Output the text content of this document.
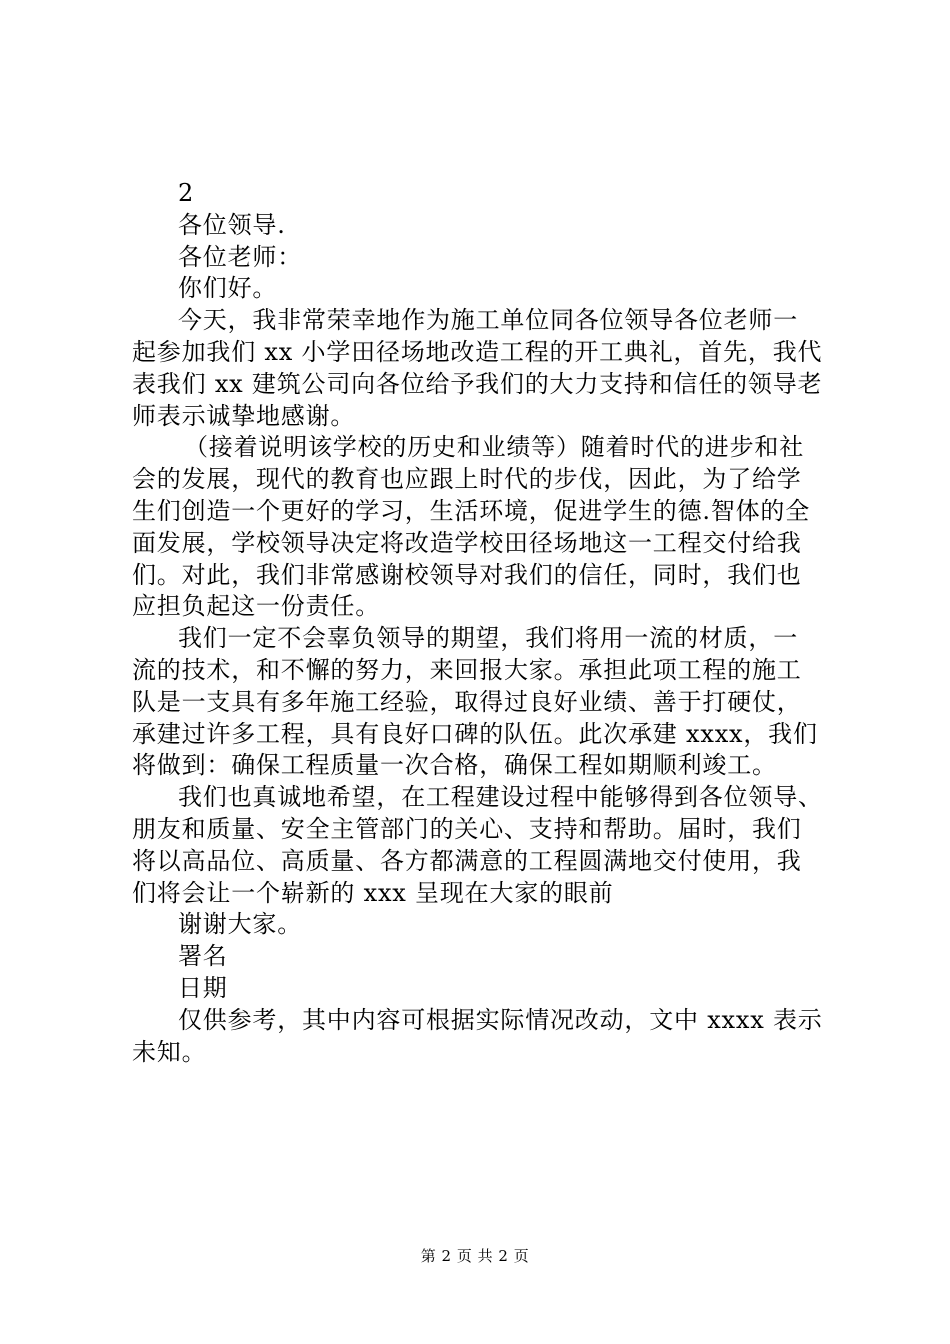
2
各位领导.
各位老师：
你们好。
今天，我非常荣幸地作为施工单位同各位领导各位老师一
起参加我们 xx 小学田径场地改造工程的开工典礼，首先，我代
表我们 xx 建筑公司向各位给予我们的大力支持和信任的领导老
师表示诚挚地感谢。
（接着说明该学校的历史和业绩等）随着时代的进步和社
会的发展，现代的教育也应跟上时代的步伐，因此，为了给学
生们创造一个更好的学习，生活环境，促进学生的德.智体的全
面发展，学校领导决定将改造学校田径场地这一工程交付给我
们。对此，我们非常感谢校领导对我们的信任，同时，我们也
应担负起这一份责任。
我们一定不会辜负领导的期望，我们将用一流的材质，一
流的技术，和不懈的努力，来回报大家。承担此项工程的施工
队是一支具有多年施工经验，取得过良好业绩、善于打硬仗，
承建过许多工程，具有良好口碑的队伍。此次承建 xxxx，我们
将做到：确保工程质量一次合格，确保工程如期顺利竣工。
我们也真诚地希望，在工程建设过程中能够得到各位领导、
朋友和质量、安全主管部门的关心、支持和帮助。届时，我们
将以高品位、高质量、各方都满意的工程圆满地交付使用，我
们将会让一个崭新的 xxx 呈现在大家的眼前
谢谢大家。
署名
日期
仅供参考，其中内容可根据实际情况改动，文中 xxxx 表示
未知。
第 2 页 共 2 页
